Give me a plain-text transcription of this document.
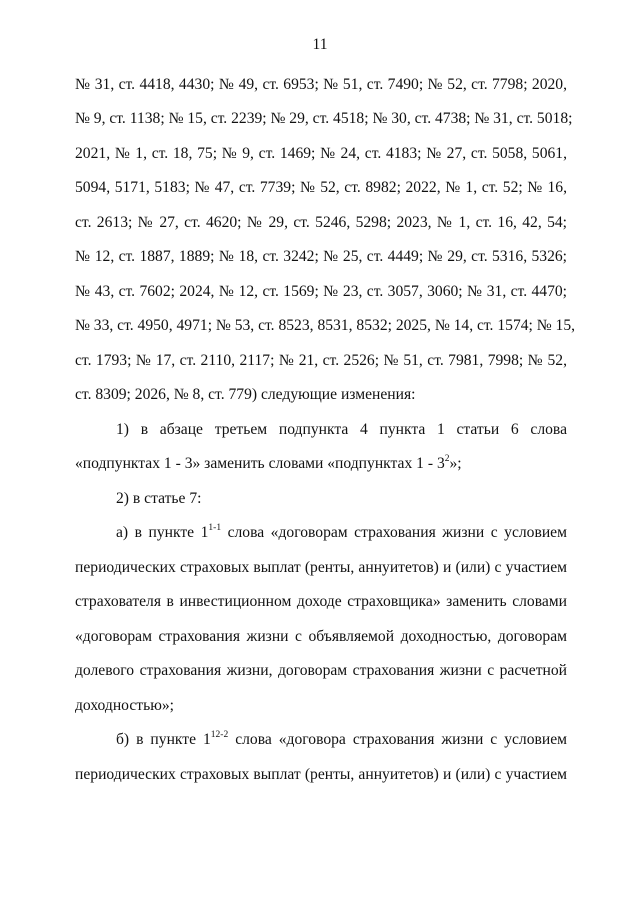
11
№ 31, ст. 4418, 4430; № 49, ст. 6953; № 51, ст. 7490; № 52, ст. 7798; 2020,
№ 9, ст. 1138; № 15, ст. 2239; № 29, ст. 4518; № 30, ст. 4738; № 31, ст. 5018;
2021, № 1, ст. 18, 75; № 9, ст. 1469; № 24, ст. 4183; № 27, ст. 5058, 5061,
5094, 5171, 5183; № 47, ст. 7739; № 52, ст. 8982; 2022, № 1, ст. 52; № 16,
ст. 2613; № 27, ст. 4620; № 29, ст. 5246, 5298; 2023, № 1, ст. 16, 42, 54;
№ 12, ст. 1887, 1889; № 18, ст. 3242; № 25, ст. 4449; № 29, ст. 5316, 5326;
№ 43, ст. 7602; 2024, № 12, ст. 1569; № 23, ст. 3057, 3060; № 31, ст. 4470;
№ 33, ст. 4950, 4971; № 53, ст. 8523, 8531, 8532; 2025, № 14, ст. 1574; № 15,
ст. 1793; № 17, ст. 2110, 2117; № 21, ст. 2526; № 51, ст. 7981, 7998; № 52,
ст. 8309; 2026, № 8, ст. 779) следующие изменения:
1) в абзаце третьем подпункта 4 пункта 1 статьи 6 слова
«подпунктах 1 - 3» заменить словами «подпунктах $1 - 3^2$»;
2) в статье 7:
а) в пункте 1$^{1-1}$ слова «договорам страхования жизни с условием
периодических страховых выплат (ренты, аннуитетов) и (или) с участием
страхователя в инвестиционном доходе страховщика» заменить словами
«договорам страхования жизни с объявляемой доходностью, договорам
долевого страхования жизни, договорам страхования жизни с расчетной
доходностью»;
б) в пункте 1$^{12-2}$ слова «договора страхования жизни с условием
периодических страховых выплат (ренты, аннуитетов) и (или) с участием
